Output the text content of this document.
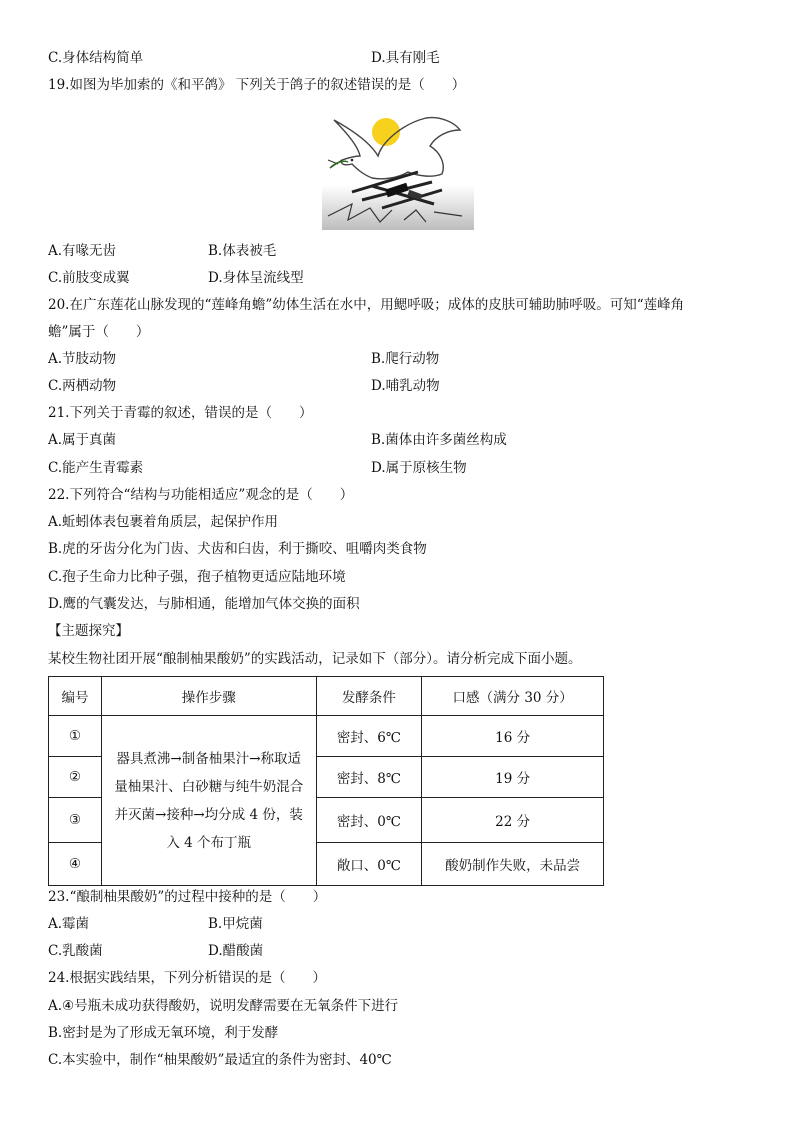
C.身体结构简单	D.具有刚毛
19.如图为毕加索的《和平鸽》 下列关于鸽子的叙述错误的是（　　）
A.有喙无齿	B.体表被毛
C.前肢变成翼	D.身体呈流线型
20.在广东莲花山脉发现的“莲峰角蟾”幼体生活在水中，用鳃呼吸；成体的皮肤可辅助肺呼吸。可知“莲峰角
蟾”属于（　　）
A.节肢动物	B.爬行动物
C.两栖动物	D.哺乳动物
21.下列关于青霉的叙述，错误的是（　　）
A.属于真菌	B.菌体由许多菌丝构成
C.能产生青霉素	D.属于原核生物
22.下列符合“结构与功能相适应”观念的是（　　）
A.蚯蚓体表包裹着角质层，起保护作用
B.虎的牙齿分化为门齿、犬齿和臼齿，利于撕咬、咀嚼肉类食物
C.孢子生命力比种子强，孢子植物更适应陆地环境
D.鹰的气囊发达，与肺相通，能增加气体交换的面积
【主题探究】
某校生物社团开展“酿制柚果酸奶”的实践活动，记录如下（部分）。请分析完成下面小题。
编号	操作步骤	发酵条件	口感（满分 30 分）
①	器具煮沸→制备柚果汁→称取适
量柚果汁、白砂糖与纯牛奶混合
并灭菌→接种→均分成 4 份，装
入 4 个布丁瓶	密封、6℃	16 分
②		密封、8℃	19 分
③		密封、0℃	22 分
④		敞口、0℃	酸奶制作失败，未品尝
23.“酿制柚果酸奶”的过程中接种的是（　　）
A.霉菌	B.甲烷菌
C.乳酸菌	D.醋酸菌
24.根据实践结果，下列分析错误的是（　　）
A.④号瓶未成功获得酸奶，说明发酵需要在无氧条件下进行
B.密封是为了形成无氧环境，利于发酵
C.本实验中，制作“柚果酸奶”最适宜的条件为密封、40℃
